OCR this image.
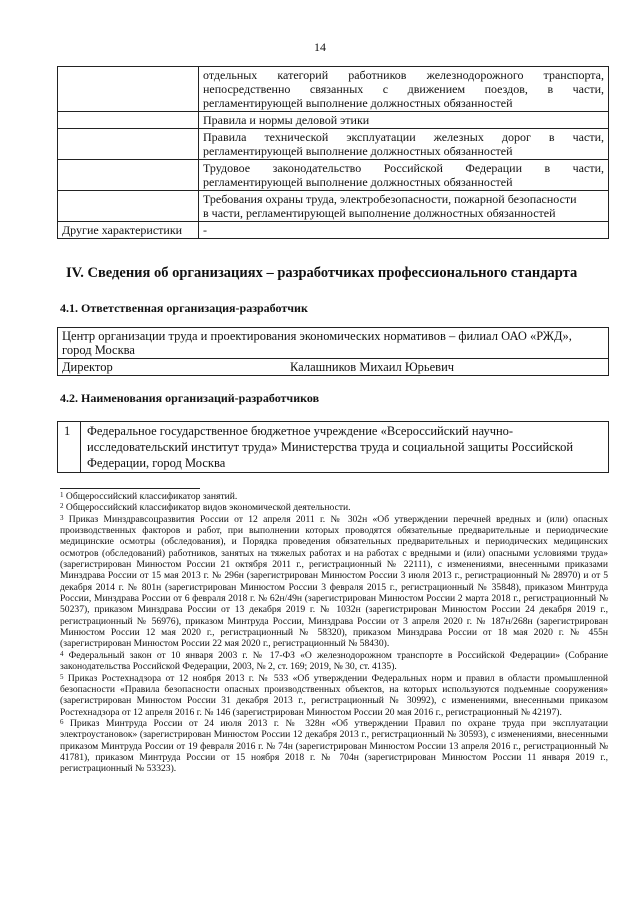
14

	отдельных категорий работников железнодорожного транспорта,
непосредственно связанных с движением поездов, в части,
регламентирующей выполнение должностных обязанностей

	Правила и нормы деловой этики

	Правила технической эксплуатации железных дорог в части,
регламентирующей выполнение должностных обязанностей

	Трудовое законодательство Российской Федерации в части,
регламентирующей выполнение должностных обязанностей

	Требования охраны труда, электробезопасности, пожарной безопасности
в части, регламентирующей выполнение должностных обязанностей

Другие характеристики	-
IV. Сведения об организациях – разработчиках профессионального стандарта
4.1. Ответственная организация-разработчик
Центр организации труда и проектирования экономических нормативов – филиал ОАО «РЖД»,
город Москва

Директор	Калашников Михаил Юрьевич
4.2. Наименования организаций-разработчиков
1	Федеральное государственное бюджетное учреждение «Всероссийский научно-
исследовательский институт труда» Министерства труда и социальной защиты Российской
Федерации, город Москва

$^1$ Общероссийский классификатор занятий.

$^2$ Общероссийский классификатор видов экономической деятельности.

$^3$ Приказ Минздравсоцразвития России от 12 апреля 2011 г. № 302н «Об утверждении перечней вредных и (или) опасных производственных факторов и работ, при выполнении которых проводятся обязательные предварительные и периодические медицинские осмотры (обследования), и Порядка проведения обязательных предварительных и периодических медицинских осмотров (обследований) работников, занятых на тяжелых работах и на работах с вредными и (или) опасными условиями труда» (зарегистрирован Минюстом России 21 октября 2011 г., регистрационный № 22111), с изменениями, внесенными приказами Минздрава России от 15 мая 2013 г. № 296н (зарегистрирован Минюстом России 3 июля 2013 г., регистрационный № 28970) и от 5 декабря 2014 г. № 801н (зарегистрирован Минюстом России 3 февраля 2015 г., регистрационный № 35848), приказом Минтруда России, Минздрава России от 6 февраля 2018 г. № 62н/49н (зарегистрирован Минюстом России 2 марта 2018 г., регистрационный № 50237), приказом Минздрава России от 13 декабря 2019 г. № 1032н (зарегистрирован Минюстом России 24 декабря 2019 г., регистрационный № 56976), приказом Минтруда России, Минздрава России от 3 апреля 2020 г. № 187н/268н (зарегистрирован Минюстом России 12 мая 2020 г., регистрационный № 58320), приказом Минздрава России от 18 мая 2020 г. № 455н (зарегистрирован Минюстом России 22 мая 2020 г., регистрационный № 58430).

$^4$ Федеральный закон от 10 января 2003 г. № 17-ФЗ «О железнодорожном транспорте в Российской Федерации» (Собрание законодательства Российской Федерации, 2003, № 2, ст. 169; 2019, № 30, ст. 4135).

$^5$ Приказ Ростехнадзора от 12 ноября 2013 г. № 533 «Об утверждении Федеральных норм и правил в области промышленной безопасности «Правила безопасности опасных производственных объектов, на которых используются подъемные сооружения» (зарегистрирован Минюстом России 31 декабря 2013 г., регистрационный № 30992), с изменениями, внесенными приказом Ростехнадзора от 12 апреля 2016 г. № 146 (зарегистрирован Минюстом России 20 мая 2016 г., регистрационный № 42197).

$^6$ Приказ Минтруда России от 24 июля 2013 г. № 328н «Об утверждении Правил по охране труда при эксплуатации электроустановок» (зарегистрирован Минюстом России 12 декабря 2013 г., регистрационный № 30593), с изменениями, внесенными приказом Минтруда России от 19 февраля 2016 г. № 74н (зарегистрирован Минюстом России 13 апреля 2016 г., регистрационный № 41781), приказом Минтруда России от 15 ноября 2018 г. № 704н (зарегистрирован Минюстом России 11 января 2019 г., регистрационный № 53323).
